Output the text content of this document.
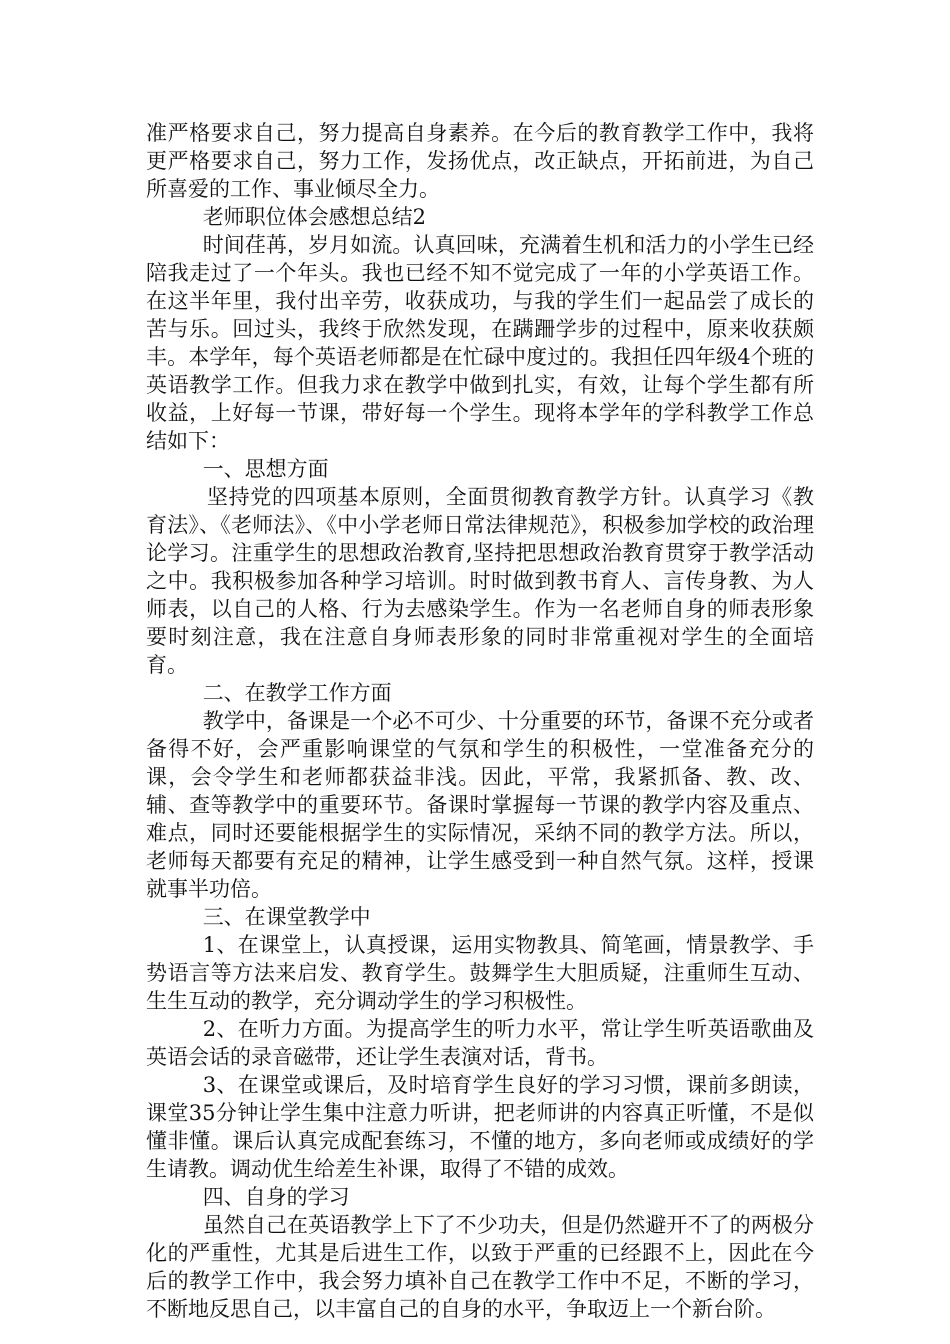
准严格要求自己，努力提高自身素养。在今后的教育教学工作中，我将更严格要求自己，努力工作，发扬优点，改正缺点，开拓前进，为自己所喜爱的工作、事业倾尽全力。

老师职位体会感想总结2

时间荏苒，岁月如流。认真回味，充满着生机和活力的小学生已经陪我走过了一个年头。我也已经不知不觉完成了一年的小学英语工作。在这半年里，我付出辛劳，收获成功，与我的学生们一起品尝了成长的苦与乐。回过头，我终于欣然发现，在蹒跚学步的过程中，原来收获颇丰。本学年，每个英语老师都是在忙碌中度过的。我担任四年级4个班的英语教学工作。但我力求在教学中做到扎实，有效，让每个学生都有所收益，上好每一节课，带好每一个学生。现将本学年的学科教学工作总结如下：

一、思想方面

坚持党的四项基本原则，全面贯彻教育教学方针。认真学习《教育法》、《老师法》、《中小学老师日常法律规范》，积极参加学校的政治理论学习。注重学生的思想政治教育,坚持把思想政治教育贯穿于教学活动之中。我积极参加各种学习培训。时时做到教书育人、言传身教、为人师表，以自己的人格、行为去感染学生。作为一名老师自身的师表形象要时刻注意，我在注意自身师表形象的同时非常重视对学生的全面培育。

二、在教学工作方面

教学中，备课是一个必不可少、十分重要的环节，备课不充分或者备得不好，会严重影响课堂的气氛和学生的积极性，一堂准备充分的课，会令学生和老师都获益非浅。因此，平常，我紧抓备、教、改、辅、查等教学中的重要环节。备课时掌握每一节课的教学内容及重点、难点，同时还要能根据学生的实际情况，采纳不同的教学方法。所以，老师每天都要有充足的精神，让学生感受到一种自然气氛。这样，授课就事半功倍。

三、在课堂教学中

1、在课堂上，认真授课，运用实物教具、简笔画，情景教学、手势语言等方法来启发、教育学生。鼓舞学生大胆质疑，注重师生互动、生生互动的教学，充分调动学生的学习积极性。

2、在听力方面。为提高学生的听力水平，常让学生听英语歌曲及英语会话的录音磁带，还让学生表演对话，背书。

3、在课堂或课后，及时培育学生良好的学习习惯，课前多朗读，课堂35分钟让学生集中注意力听讲，把老师讲的内容真正听懂，不是似懂非懂。课后认真完成配套练习，不懂的地方，多向老师或成绩好的学生请教。调动优生给差生补课，取得了不错的成效。

四、自身的学习

虽然自己在英语教学上下了不少功夫，但是仍然避开不了的两极分化的严重性，尤其是后进生工作，以致于严重的已经跟不上，因此在今后的教学工作中，我会努力填补自己在教学工作中不足，不断的学习，不断地反思自己，以丰富自己的自身的水平，争取迈上一个新台阶。
